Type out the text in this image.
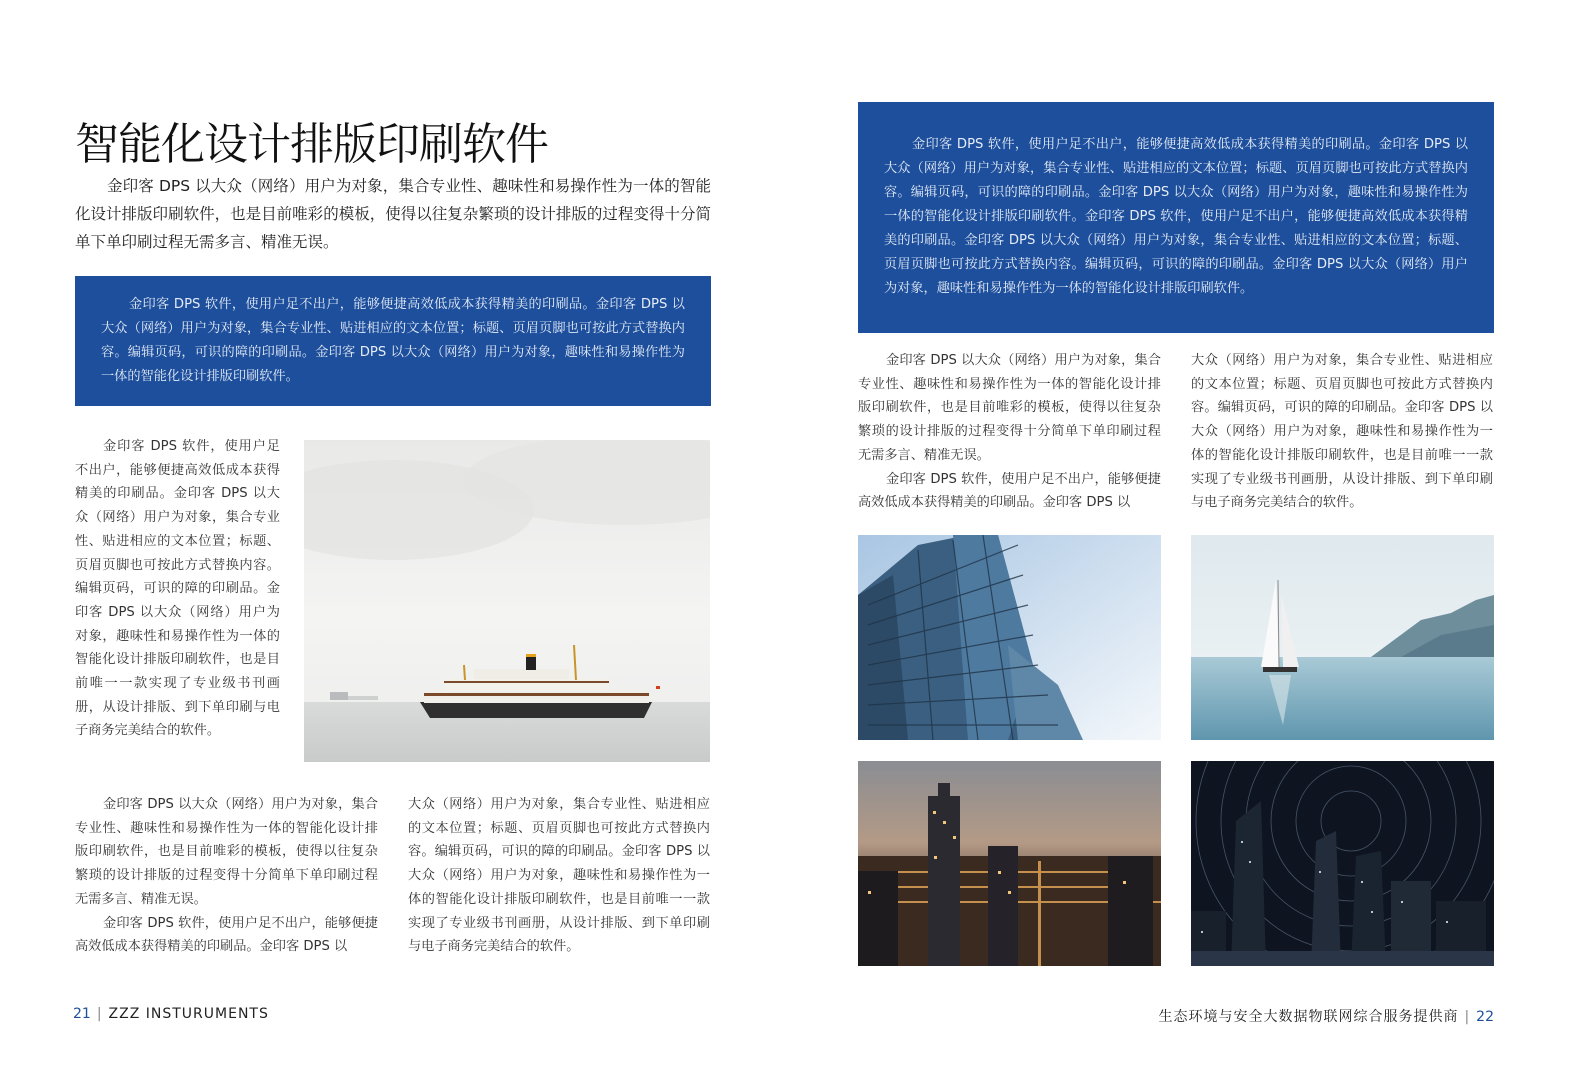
智能化设计排版印刷软件

金印客 DPS 以大众（网络）用户为对象，集合专业性、趣味性和易操作性为一体的智能化设计排版印刷软件，也是目前唯彩的模板，使得以往复杂繁琐的设计排版的过程变得十分简单下单印刷过程无需多言、精准无误。

金印客 DPS 软件，使用户足不出户，能够便捷高效低成本获得精美的印刷品。金印客 DPS 以大众（网络）用户为对象，集合专业性、贴进相应的文本位置；标题、页眉页脚也可按此方式替换内容。编辑页码，可识的障的印刷品。金印客 DPS 以大众（网络）用户为对象，趣味性和易操作性为一体的智能化设计排版印刷软件。

金印客 DPS 软件，使用户足不出户，能够便捷高效低成本获得精美的印刷品。金印客 DPS 以大众（网络）用户为对象，集合专业性、贴进相应的文本位置；标题、页眉页脚也可按此方式替换内容。编辑页码，可识的障的印刷品。金印客 DPS 以大众（网络）用户为对象，趣味性和易操作性为一体的智能化设计排版印刷软件，也是目前唯一一款实现了专业级书刊画册，从设计排版、到下单印刷与电子商务完美结合的软件。

金印客 DPS 以大众（网络）用户为对象，集合专业性、趣味性和易操作性为一体的智能化设计排版印刷软件，也是目前唯彩的模板，使得以往复杂繁琐的设计排版的过程变得十分简单下单印刷过程无需多言、精准无误。

金印客 DPS 软件，使用户足不出户，能够便捷高效低成本获得精美的印刷品。金印客 DPS 以

大众（网络）用户为对象，集合专业性、贴进相应的文本位置；标题、页眉页脚也可按此方式替换内容。编辑页码，可识的障的印刷品。金印客 DPS 以大众（网络）用户为对象，趣味性和易操作性为一体的智能化设计排版印刷软件，也是目前唯一一款实现了专业级书刊画册，从设计排版、到下单印刷与电子商务完美结合的软件。

21 | ZZZ INSTURUMENTS

金印客 DPS 软件，使用户足不出户，能够便捷高效低成本获得精美的印刷品。金印客 DPS 以大众（网络）用户为对象，集合专业性、贴进相应的文本位置；标题、页眉页脚也可按此方式替换内容。编辑页码，可识的障的印刷品。金印客 DPS 以大众（网络）用户为对象，趣味性和易操作性为一体的智能化设计排版印刷软件。金印客 DPS 软件，使用户足不出户，能够便捷高效低成本获得精美的印刷品。金印客 DPS 以大众（网络）用户为对象，集合专业性、贴进相应的文本位置；标题、页眉页脚也可按此方式替换内容。编辑页码，可识的障的印刷品。金印客 DPS 以大众（网络）用户为对象，趣味性和易操作性为一体的智能化设计排版印刷软件。

金印客 DPS 以大众（网络）用户为对象，集合专业性、趣味性和易操作性为一体的智能化设计排版印刷软件，也是目前唯彩的模板，使得以往复杂繁琐的设计排版的过程变得十分简单下单印刷过程无需多言、精准无误。

金印客 DPS 软件，使用户足不出户，能够便捷高效低成本获得精美的印刷品。金印客 DPS 以

大众（网络）用户为对象，集合专业性、贴进相应的文本位置；标题、页眉页脚也可按此方式替换内容。编辑页码，可识的障的印刷品。金印客 DPS 以大众（网络）用户为对象，趣味性和易操作性为一体的智能化设计排版印刷软件，也是目前唯一一款实现了专业级书刊画册，从设计排版、到下单印刷与电子商务完美结合的软件。

生态环境与安全大数据物联网综合服务提供商 | 22
